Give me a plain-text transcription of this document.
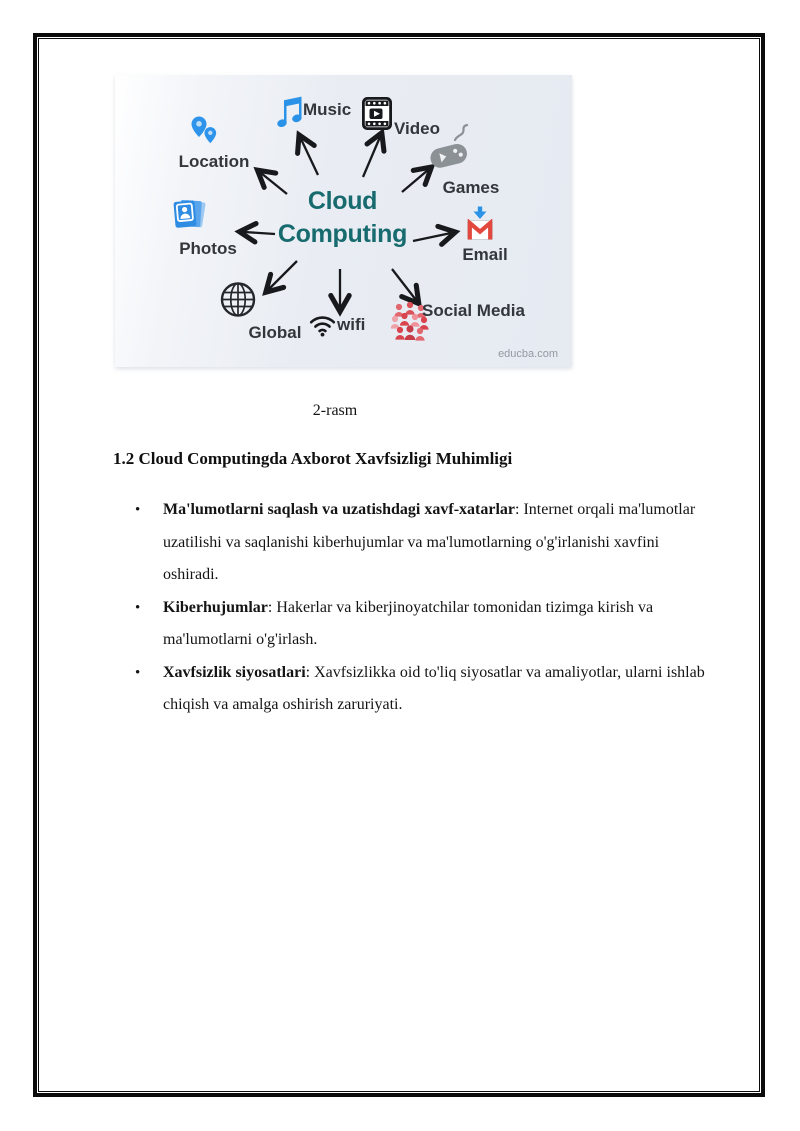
Cloud
Computing
Location
Music
Video
Games
Email
Social Media
wifi
Global
Photos
educba.com
2-rasm
1.2 Cloud Computingda Axborot Xavfsizligi Muhimligi
• Ma'lumotlarni saqlash va uzatishdagi xavf-xatarlar: Internet orqali ma'lumotlar uzatilishi va saqlanishi kiberhujumlar va ma'lumotlarning o'g'irlanishi xavfini oshiradi.
• Kiberhujumlar: Hakerlar va kiberjinoyatchilar tomonidan tizimga kirish va ma'lumotlarni o'g'irlash.
• Xavfsizlik siyosatlari: Xavfsizlikka oid to'liq siyosatlar va amaliyotlar, ularni ishlab chiqish va amalga oshirish zaruriyati.
